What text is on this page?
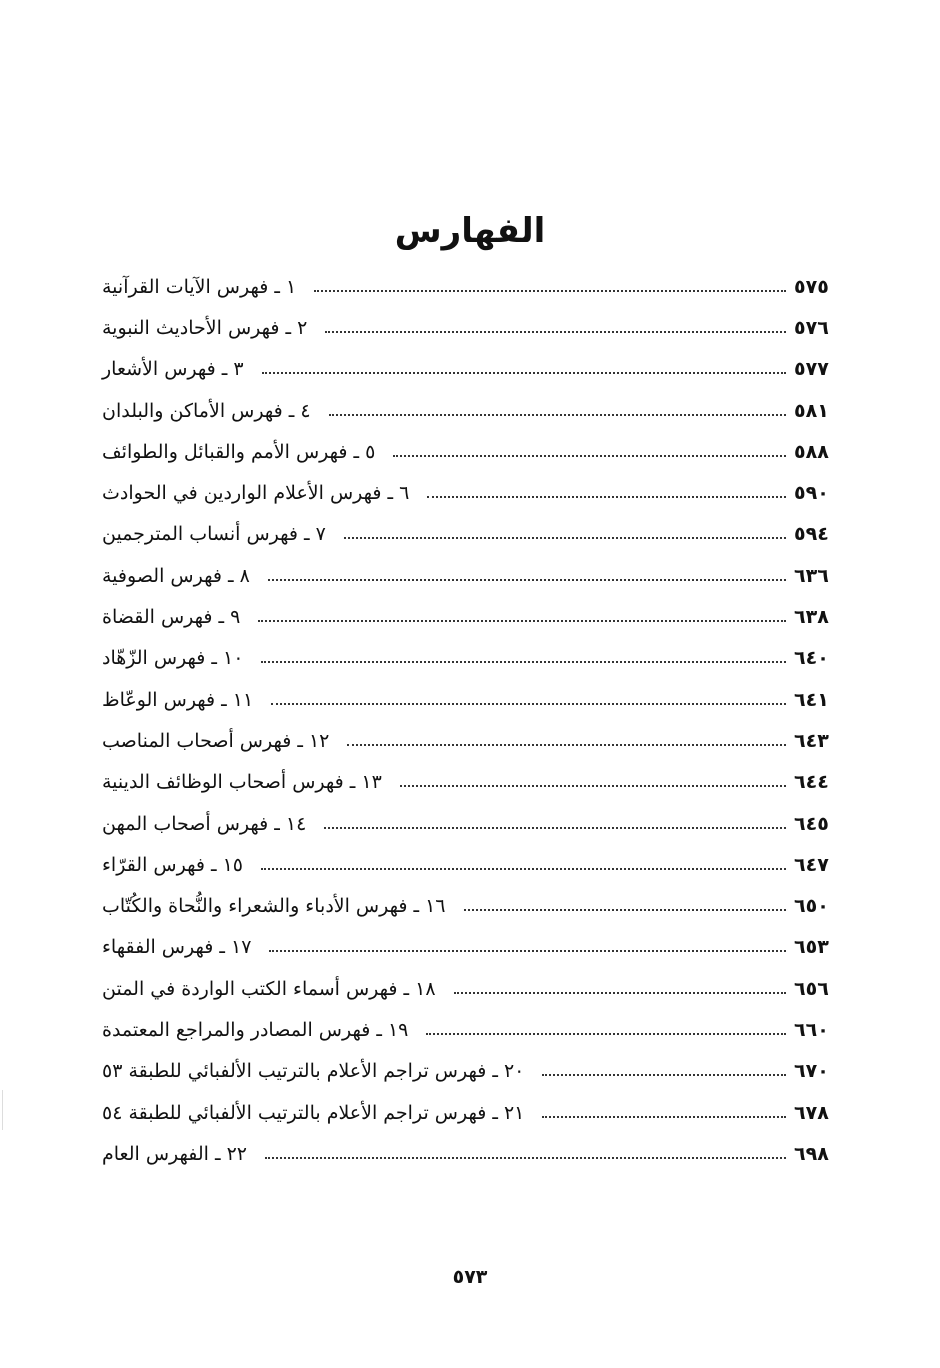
الفهارس
١ ـ فهرس الآيات القرآنية	٥٧٥
٢ ـ فهرس الأحاديث النبوية	٥٧٦
٣ ـ فهرس الأشعار	٥٧٧
٤ ـ فهرس الأماكن والبلدان	٥٨١
٥ ـ فهرس الأمم والقبائل والطوائف	٥٨٨
٦ ـ فهرس الأعلام الواردين في الحوادث	٥٩٠
٧ ـ فهرس أنساب المترجمين	٥٩٤
٨ ـ فهرس الصوفية	٦٣٦
٩ ـ فهرس القضاة	٦٣٨
١٠ ـ فهرس الزّهّاد	٦٤٠
١١ ـ فهرس الوعّاظ	٦٤١
١٢ ـ فهرس أصحاب المناصب	٦٤٣
١٣ ـ فهرس أصحاب الوظائف الدينية	٦٤٤
١٤ ـ فهرس أصحاب المهن	٦٤٥
١٥ ـ فهرس القرّاء	٦٤٧
١٦ ـ فهرس الأدباء والشعراء والنُّحاة والكُتّاب	٦٥٠
١٧ ـ فهرس الفقهاء	٦٥٣
١٨ ـ فهرس أسماء الكتب الواردة في المتن	٦٥٦
١٩ ـ فهرس المصادر والمراجع المعتمدة	٦٦٠
٢٠ ـ فهرس تراجم الأعلام بالترتيب الألفبائي للطبقة ٥٣	٦٧٠
٢١ ـ فهرس تراجم الأعلام بالترتيب الألفبائي للطبقة ٥٤	٦٧٨
٢٢ ـ الفهرس العام	٦٩٨
٥٧٣
